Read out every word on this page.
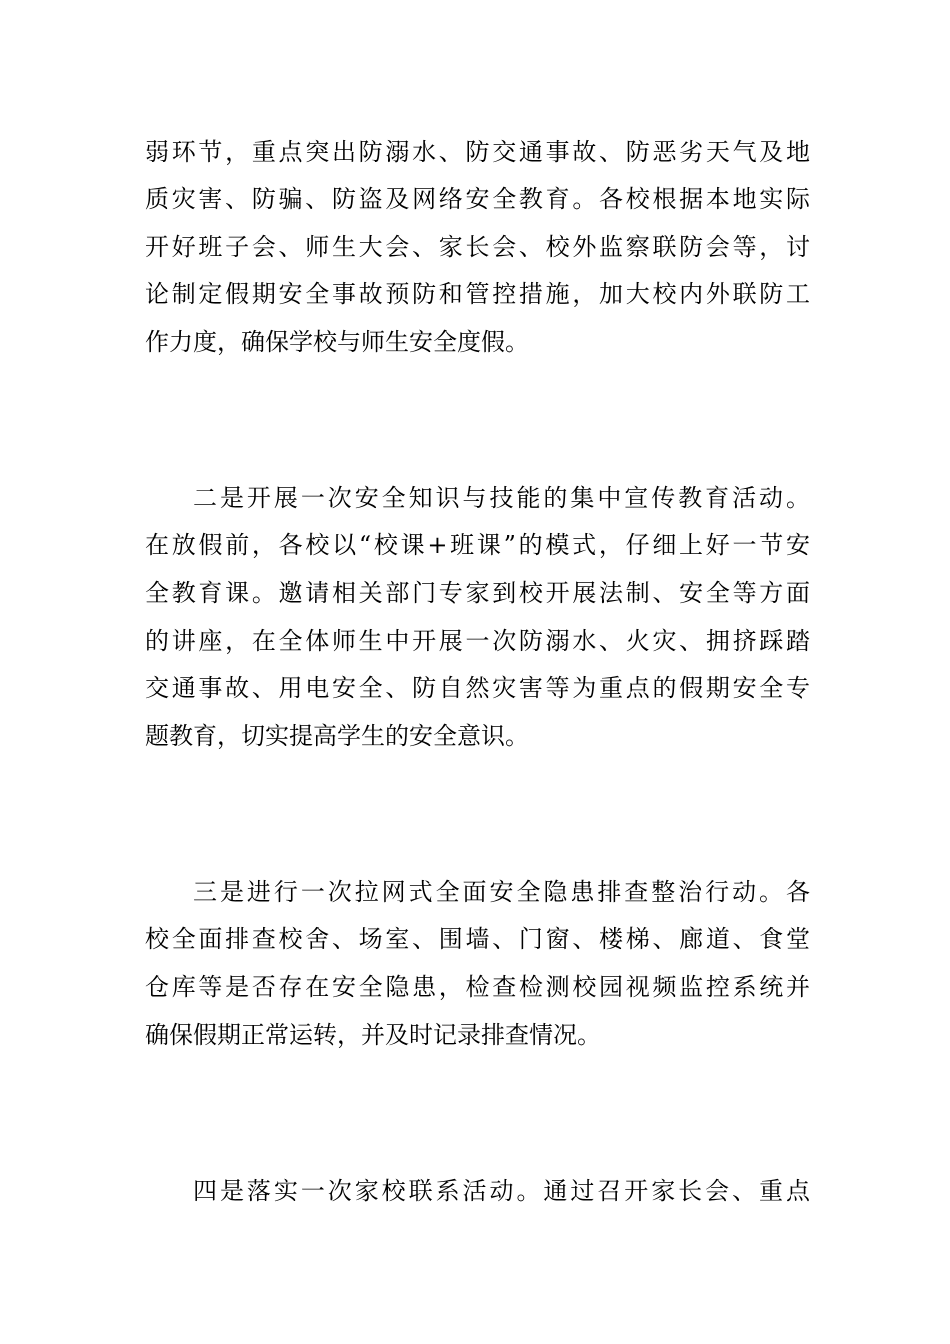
弱环节，重点突出防溺水、防交通事故、防恶劣天气及地
质灾害、防骗、防盗及网络安全教育。各校根据本地实际
开好班子会、师生大会、家长会、校外监察联防会等，讨
论制定假期安全事故预防和管控措施，加大校内外联防工
作力度，确保学校与师生安全度假。
二是开展一次安全知识与技能的集中宣传教育活动。
在放假前，各校以“校课+班课”的模式，仔细上好一节安
全教育课。邀请相关部门专家到校开展法制、安全等方面
的讲座，在全体师生中开展一次防溺水、火灾、拥挤踩踏
交通事故、用电安全、防自然灾害等为重点的假期安全专
题教育，切实提高学生的安全意识。
三是进行一次拉网式全面安全隐患排查整治行动。各
校全面排查校舍、场室、围墙、门窗、楼梯、廊道、食堂
仓库等是否存在安全隐患，检查检测校园视频监控系统并
确保假期正常运转，并及时记录排查情况。
四是落实一次家校联系活动。通过召开家长会、重点
